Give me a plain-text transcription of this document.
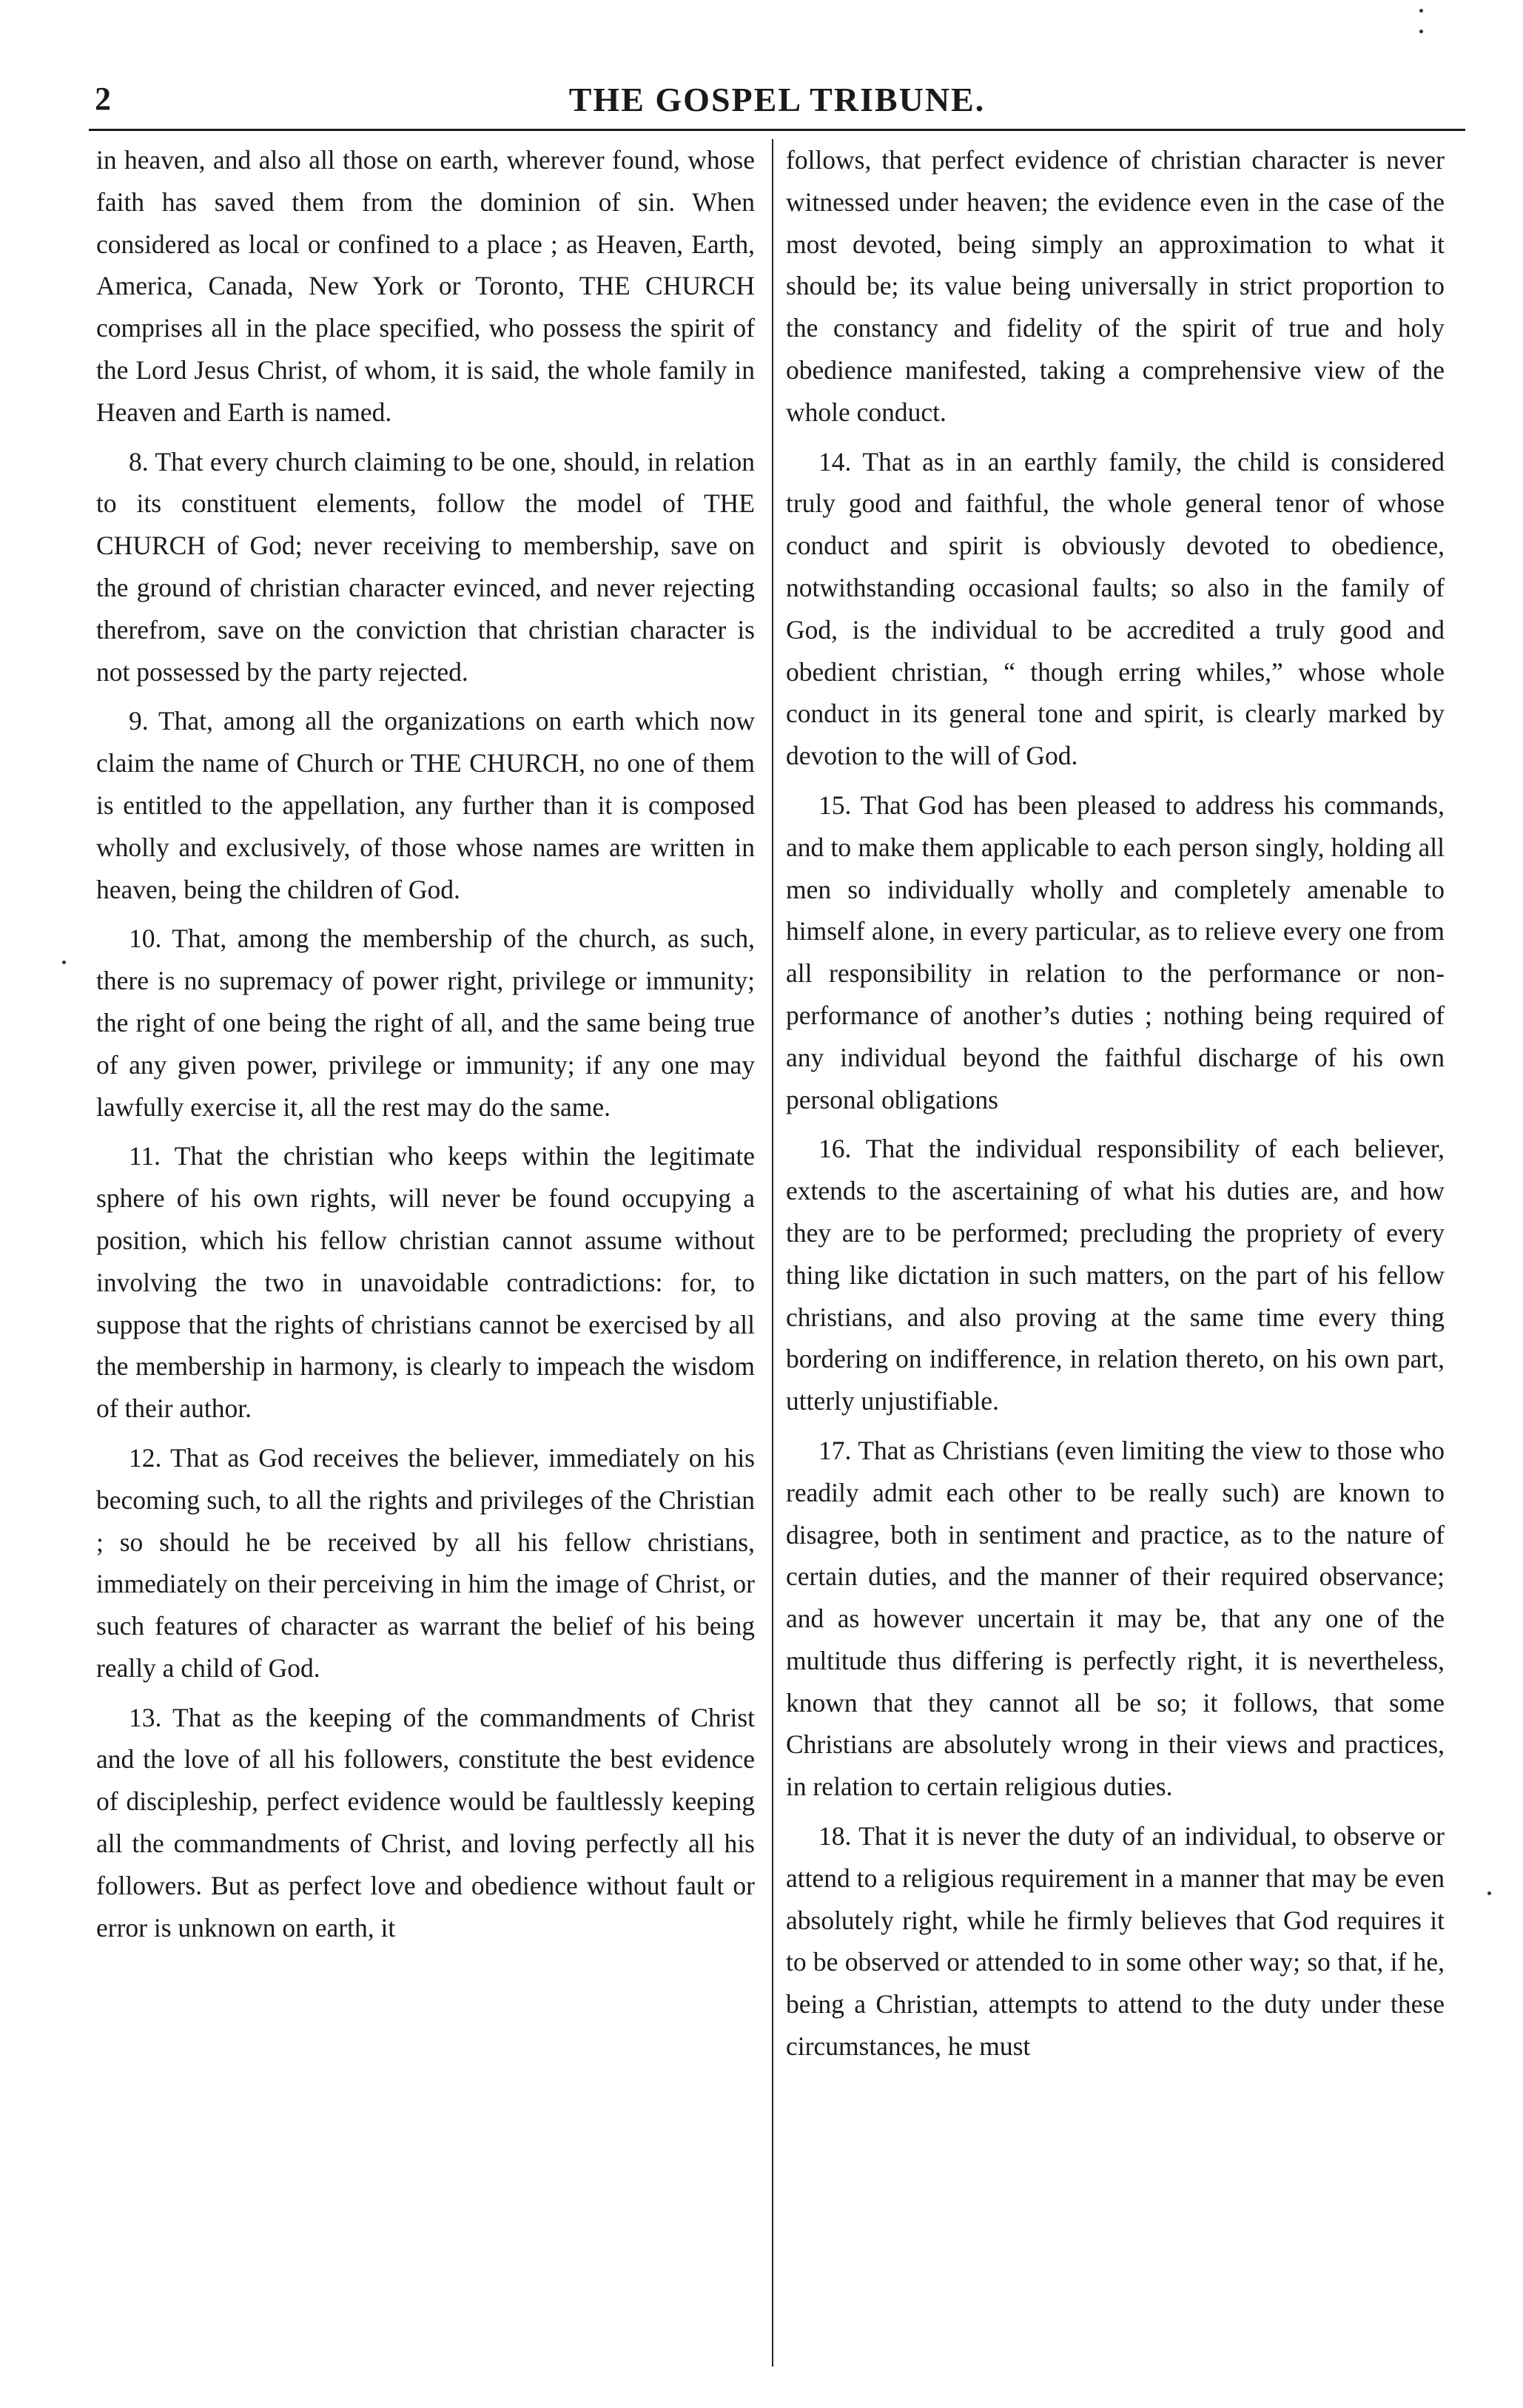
2	THE GOSPEL TRIBUNE.

in heaven, and also all those on earth, wherever found, whose faith has saved them from the dominion of sin. When considered as local or confined to a place ; as Heaven, Earth, America, Canada, New York or Toronto, THE CHURCH comprises all in the place specified, who possess the spirit of the Lord Jesus Christ, of whom, it is said, the whole family in Heaven and Earth is named.

8. That every church claiming to be one, should, in relation to its constituent elements, follow the model of THE CHURCH of God; never receiving to membership, save on the ground of christian character evinced, and never rejecting therefrom, save on the conviction that christian character is not possessed by the party rejected.

9. That, among all the organizations on earth which now claim the name of Church or THE CHURCH, no one of them is entitled to the appellation, any further than it is composed wholly and exclusively, of those whose names are written in heaven, being the children of God.

10. That, among the membership of the church, as such, there is no supremacy of power right, privilege or immunity; the right of one being the right of all, and the same being true of any given power, privilege or immunity; if any one may lawfully exercise it, all the rest may do the same.

11. That the christian who keeps within the legitimate sphere of his own rights, will never be found occupying a position, which his fellow christian cannot assume without involving the two in unavoidable contradictions: for, to suppose that the rights of christians cannot be exercised by all the membership in harmony, is clearly to impeach the wisdom of their author.

12. That as God receives the believer, immediately on his becoming such, to all the rights and privileges of the Christian ; so should he be received by all his fellow christians, immediately on their perceiving in him the image of Christ, or such features of character as warrant the belief of his being really a child of God.

13. That as the keeping of the commandments of Christ and the love of all his followers, constitute the best evidence of discipleship, perfect evidence would be faultlessly keeping all the commandments of Christ, and loving perfectly all his followers. But as perfect love and obedience without fault or error is unknown on earth, it

follows, that perfect evidence of christian character is never witnessed under heaven; the evidence even in the case of the most devoted, being simply an approximation to what it should be; its value being universally in strict proportion to the constancy and fidelity of the spirit of true and holy obedience manifested, taking a comprehensive view of the whole conduct.

14. That as in an earthly family, the child is considered truly good and faithful, the whole general tenor of whose conduct and spirit is obviously devoted to obedience, notwithstanding occasional faults; so also in the family of God, is the individual to be accredited a truly good and obedient christian, “ though erring whiles,” whose whole conduct in its general tone and spirit, is clearly marked by devotion to the will of God.

15. That God has been pleased to address his commands, and to make them applicable to each person singly, holding all men so individually wholly and completely amenable to himself alone, in every particular, as to relieve every one from all responsibility in relation to the performance or non-performance of another’s duties ; nothing being required of any individual beyond the faithful discharge of his own personal obligations

16. That the individual responsibility of each believer, extends to the ascertaining of what his duties are, and how they are to be performed; precluding the propriety of every thing like dictation in such matters, on the part of his fellow christians, and also proving at the same time every thing bordering on indifference, in relation thereto, on his own part, utterly unjustifiable.

17. That as Christians (even limiting the view to those who readily admit each other to be really such) are known to disagree, both in sentiment and practice, as to the nature of certain duties, and the manner of their required observance; and as however uncertain it may be, that any one of the multitude thus differing is perfectly right, it is nevertheless, known that they cannot all be so; it follows, that some Christians are absolutely wrong in their views and practices, in relation to certain religious duties.

18. That it is never the duty of an individual, to observe or attend to a religious requirement in a manner that may be even absolutely right, while he firmly believes that God requires it to be observed or attended to in some other way; so that, if he, being a Christian, attempts to attend to the duty under these circumstances, he must
